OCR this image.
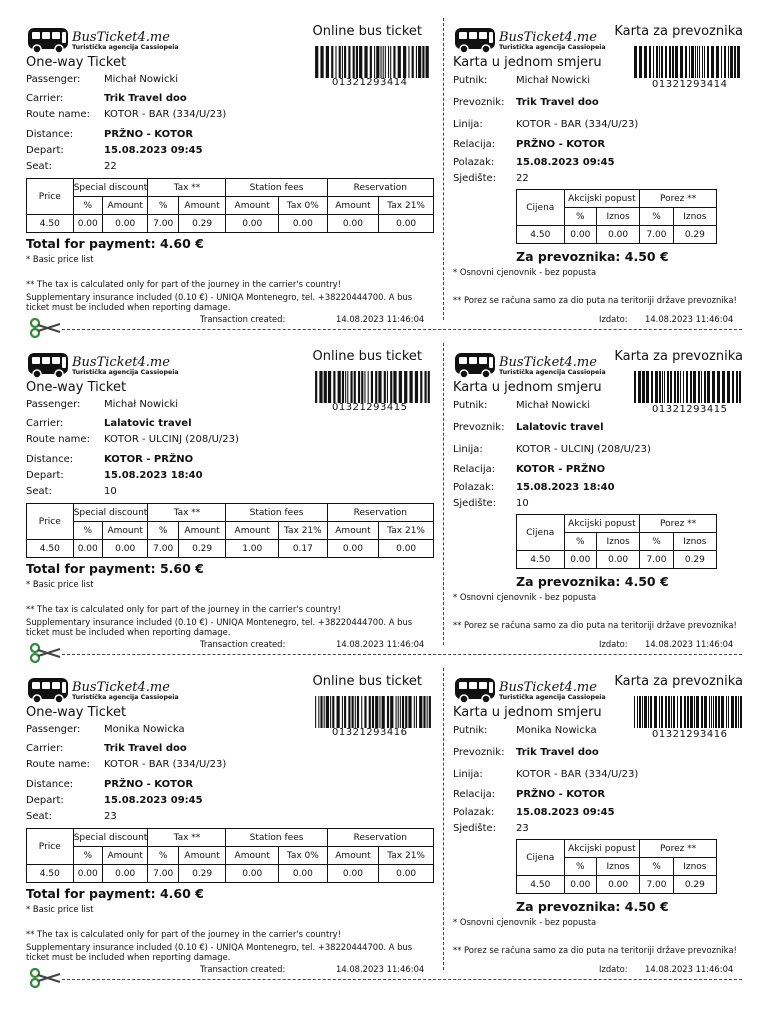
BusTicket4.me
Turistička agencija Cassiopeia
Online bus ticket
One-way Ticket
01321293414
Passenger: Michał Nowicki
Carrier:	Trik Travel doo
Route name: KOTOR - BAR (334/U/23)
Distance:	PRŽNO - KOTOR
Depart:	15.08.2023 09:45
Seat:	22
Price	Special discount		Tax **		Station fees		Reservation	
	%	Amount	%	Amount	Amount	Tax 0%	Amount	Tax 21%
4.50	0.00	0.00	7.00	0.29	0.00	0.00	0.00	0.00
Total for payment: 4.60 €
* Basic price list
** The tax is calculated only for part of the journey in the carrier's country!
Supplementary insurance included (0.10 €) - UNIQA Montenegro, tel. +38220444700. A bus ticket must be included when reporting damage.
Transaction created:	14.08.2023 11:46:04
BusTicket4.me
Turistička agencija Cassiopeia
Karta za prevoznika
Karta u jednom smjeru
01321293414
Putnik:	Michał Nowicki
Prevoznik: Trik Travel doo
Linija:	KOTOR - BAR (334/U/23)
Relacija: PRŽNO - KOTOR
Polazak: 15.08.2023 09:45
Sjedište: 22
Cijena	Akcijski popust		Porez **	
	%	Iznos	%	Iznos
4.50	0.00	0.00	7.00	0.29
Za prevoznika: 4.50 €
* Osnovni cjenovnik - bez popusta
** Porez se računa samo za dio puta na teritoriji države prevoznika!
Izdato: 14.08.2023 11:46:04
BusTicket4.me
Turistička agencija Cassiopeia
Online bus ticket
One-way Ticket
01321293415
Passenger: Michał Nowicki
Carrier:	Lalatovic travel
Route name: KOTOR - ULCINJ (208/U/23)
Distance:	KOTOR - PRŽNO
Depart:	15.08.2023 18:40
Seat:	10
Price	Special discount		Tax **		Station fees		Reservation	
	%	Amount	%	Amount	Amount	Tax 21%	Amount	Tax 21%
4.50	0.00	0.00	7.00	0.29	1.00	0.17	0.00	0.00
Total for payment: 5.60 €
* Basic price list
** The tax is calculated only for part of the journey in the carrier's country!
Supplementary insurance included (0.10 €) - UNIQA Montenegro, tel. +38220444700. A bus ticket must be included when reporting damage.
Transaction created:	14.08.2023 11:46:04
BusTicket4.me
Turistička agencija Cassiopeia
Karta za prevoznika
Karta u jednom smjeru
01321293415
Putnik:	Michał Nowicki
Prevoznik: Lalatovic travel
Linija:	KOTOR - ULCINJ (208/U/23)
Relacija: KOTOR - PRŽNO
Polazak: 15.08.2023 18:40
Sjedište: 10
Cijena	Akcijski popust		Porez **	
	%	Iznos	%	Iznos
4.50	0.00	0.00	7.00	0.29
Za prevoznika: 4.50 €
* Osnovni cjenovnik - bez popusta
** Porez se računa samo za dio puta na teritoriji države prevoznika!
Izdato: 14.08.2023 11:46:04
BusTicket4.me
Turistička agencija Cassiopeia
Online bus ticket
One-way Ticket
01321293416
Passenger: Monika Nowicka
Carrier:	Trik Travel doo
Route name: KOTOR - BAR (334/U/23)
Distance:	PRŽNO - KOTOR
Depart:	15.08.2023 09:45
Seat:	23
Price	Special discount		Tax **		Station fees		Reservation	
	%	Amount	%	Amount	Amount	Tax 0%	Amount	Tax 21%
4.50	0.00	0.00	7.00	0.29	0.00	0.00	0.00	0.00
Total for payment: 4.60 €
* Basic price list
** The tax is calculated only for part of the journey in the carrier's country!
Supplementary insurance included (0.10 €) - UNIQA Montenegro, tel. +38220444700. A bus ticket must be included when reporting damage.
Transaction created:	14.08.2023 11:46:04
BusTicket4.me
Turistička agencija Cassiopeia
Karta za prevoznika
Karta u jednom smjeru
01321293416
Putnik:	Monika Nowicka
Prevoznik: Trik Travel doo
Linija:	KOTOR - BAR (334/U/23)
Relacija: PRŽNO - KOTOR
Polazak: 15.08.2023 09:45
Sjedište: 23
Cijena	Akcijski popust		Porez **	
	%	Iznos	%	Iznos
4.50	0.00	0.00	7.00	0.29
Za prevoznika: 4.50 €
* Osnovni cjenovnik - bez popusta
** Porez se računa samo za dio puta na teritoriji države prevoznika!
Izdato: 14.08.2023 11:46:04
